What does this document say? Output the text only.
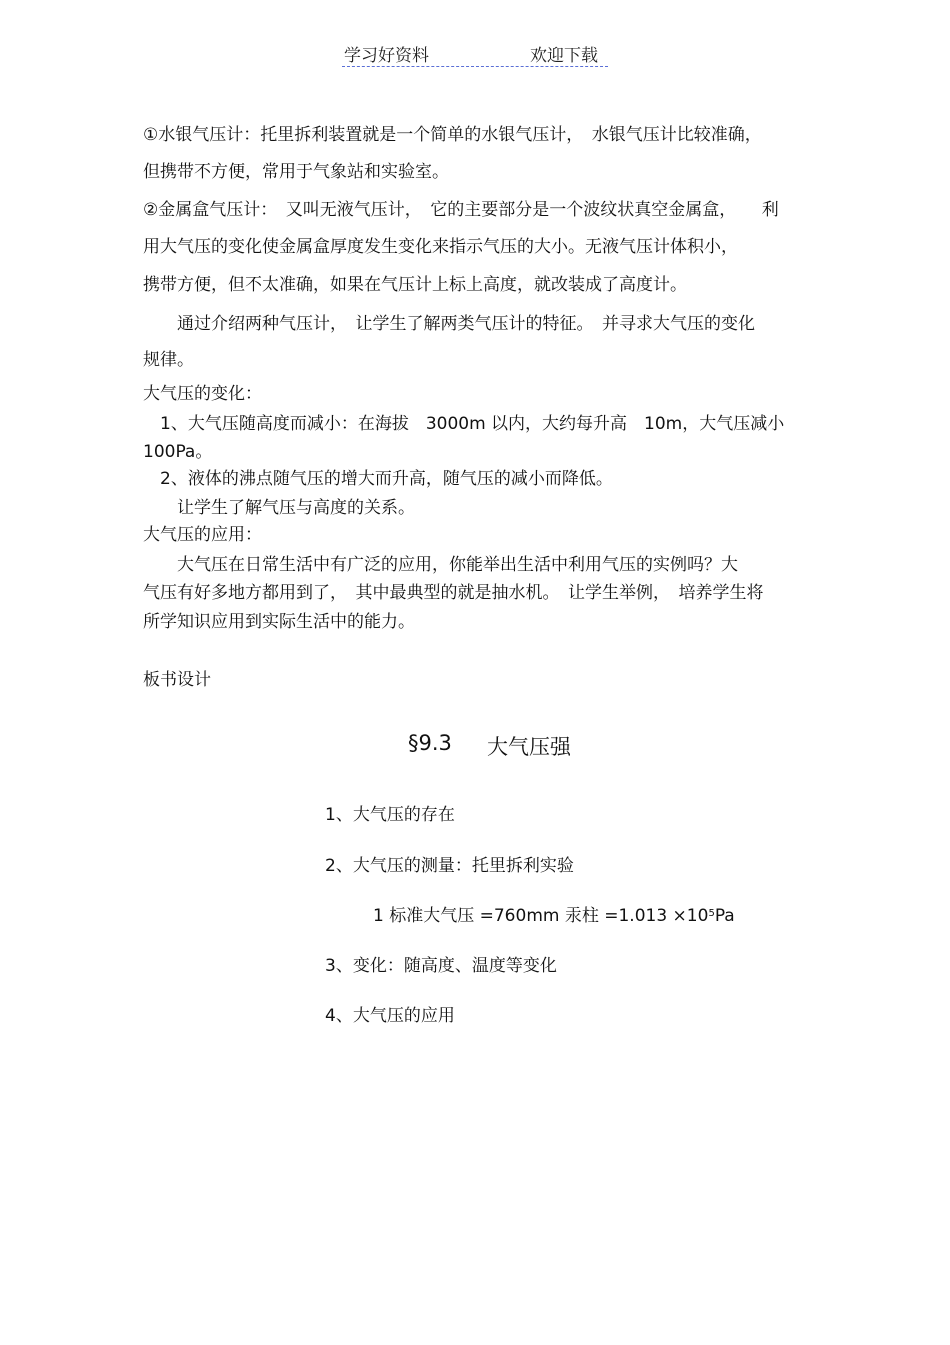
学习好资料	欢迎下载
①水银气压计：托里拆利装置就是一个简单的水银气压计，　水银气压计比较准确，
但携带不方便，常用于气象站和实验室。
②金属盒气压计：　又叫无液气压计，　它的主要部分是一个波纹状真空金属盒，　　利
用大气压的变化使金属盒厚度发生变化来指示气压的大小。无液气压计体积小，
携带方便，但不太准确，如果在气压计上标上高度，就改装成了高度计。
　　通过介绍两种气压计，　让学生了解两类气压计的特征。　并寻求大气压的变化
规律。
大气压的变化：
　1、大气压随高度而减小：在海拔　3000m 以内，大约每升高　10m，大气压减小
100Pa。
　2、液体的沸点随气压的增大而升高，随气压的减小而降低。
　　让学生了解气压与高度的关系。
大气压的应用：
　　大气压在日常生活中有广泛的应用，你能举出生活中利用气压的实例吗？大
气压有好多地方都用到了，　其中最典型的就是抽水机。　让学生举例，　培养学生将
所学知识应用到实际生活中的能力。
板书设计
§9.3 大气压强
1、大气压的存在
2、大气压的测量：托里拆利实验
1 标准大气压 =760mm 汞柱 $=1.013 \times 10^5Pa$
3、变化：随高度、温度等变化
4、大气压的应用
